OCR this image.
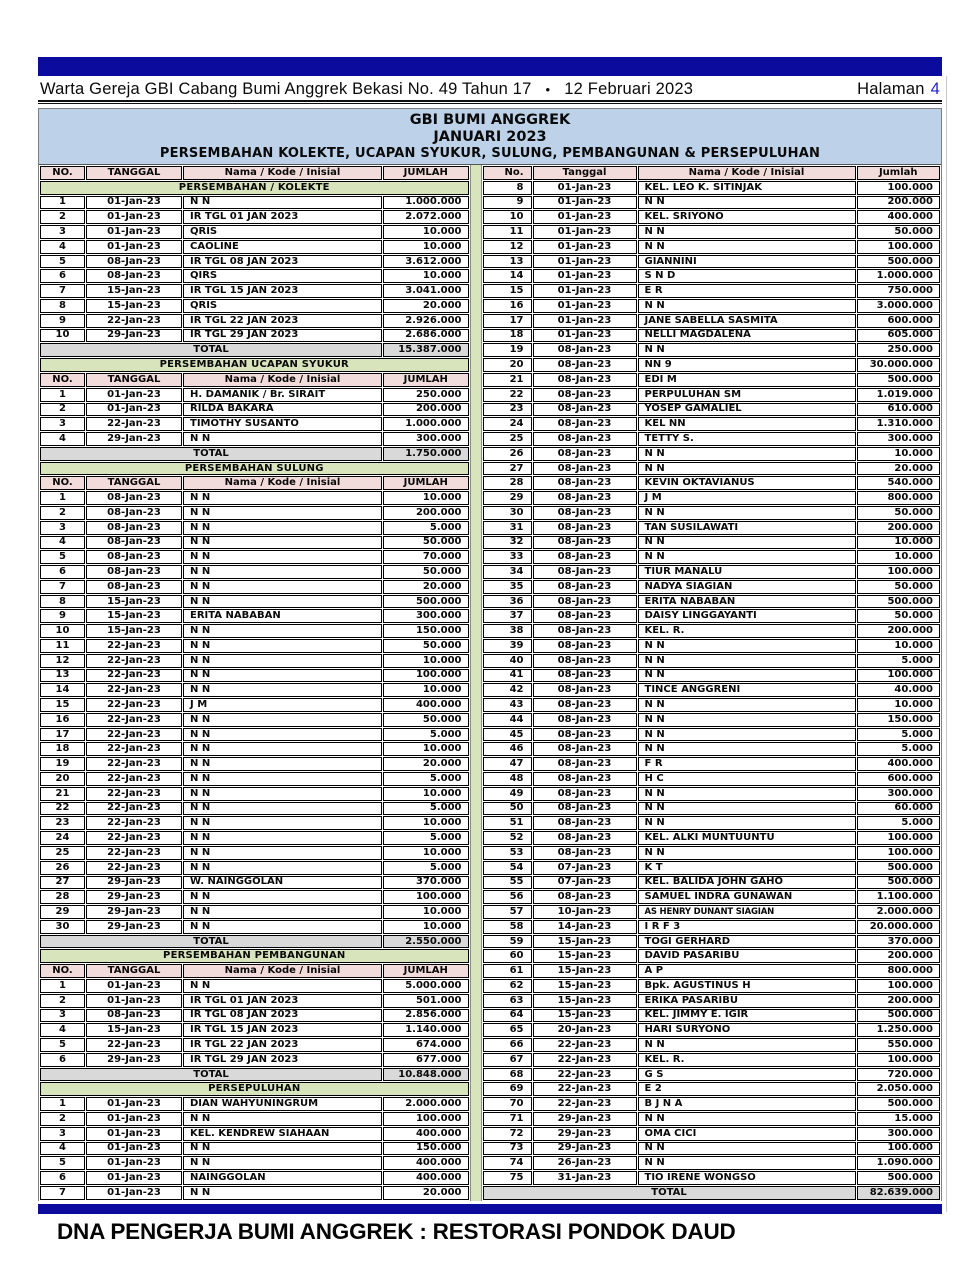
Warta Gereja GBI Cabang Bumi Anggrek Bekasi No. 49 Tahun 17 • 12 Februari 2023	Halaman 4
GBI BUMI ANGGREK
JANUARI 2023
PERSEMBAHAN KOLEKTE, UCAPAN SYUKUR, SULUNG, PEMBANGUNAN & PERSEPULUHAN
NO.	TANGGAL	Nama / Kode / Inisial	JUMLAH
PERSEMBAHAN / KOLEKTE			
1	01-Jan-23	N N	1.000.000
2	01-Jan-23	IR TGL 01 JAN 2023	2.072.000
3	01-Jan-23	QRIS	10.000
4	01-Jan-23	CAOLINE	10.000
5	08-Jan-23	IR TGL 08 JAN 2023	3.612.000
6	08-Jan-23	QIRS	10.000
7	15-Jan-23	IR TGL 15 JAN 2023	3.041.000
8	15-Jan-23	QRIS	20.000
9	22-Jan-23	IR TGL 22 JAN 2023	2.926.000
10	29-Jan-23	IR TGL 29 JAN 2023	2.686.000
TOTAL			15.387.000
PERSEMBAHAN UCAPAN SYUKUR			
NO.	TANGGAL	Nama / Kode / Inisial	JUMLAH
1	01-Jan-23	H. DAMANIK / Br. SIRAIT	250.000
2	01-Jan-23	RILDA BAKARA	200.000
3	22-Jan-23	TIMOTHY SUSANTO	1.000.000
4	29-Jan-23	N N	300.000
TOTAL			1.750.000
PERSEMBAHAN SULUNG			
NO.	TANGGAL	Nama / Kode / Inisial	JUMLAH
1	08-Jan-23	N N	10.000
2	08-Jan-23	N N	200.000
3	08-Jan-23	N N	5.000
4	08-Jan-23	N N	50.000
5	08-Jan-23	N N	70.000
6	08-Jan-23	N N	50.000
7	08-Jan-23	N N	20.000
8	15-Jan-23	N N	500.000
9	15-Jan-23	ERITA NABABAN	300.000
10	15-Jan-23	N N	150.000
11	22-Jan-23	N N	50.000
12	22-Jan-23	N N	10.000
13	22-Jan-23	N N	100.000
14	22-Jan-23	N N	10.000
15	22-Jan-23	J M	400.000
16	22-Jan-23	N N	50.000
17	22-Jan-23	N N	5.000
18	22-Jan-23	N N	10.000
19	22-Jan-23	N N	20.000
20	22-Jan-23	N N	5.000
21	22-Jan-23	N N	10.000
22	22-Jan-23	N N	5.000
23	22-Jan-23	N N	10.000
24	22-Jan-23	N N	5.000
25	22-Jan-23	N N	10.000
26	22-Jan-23	N N	5.000
27	29-Jan-23	W. NAINGGOLAN	370.000
28	29-Jan-23	N N	100.000
29	29-Jan-23	N N	10.000
30	29-Jan-23	N N	10.000
TOTAL			2.550.000
PERSEMBAHAN PEMBANGUNAN			
NO.	TANGGAL	Nama / Kode / Inisial	JUMLAH
1	01-Jan-23	N N	5.000.000
2	01-Jan-23	IR TGL 01 JAN 2023	501.000
3	08-Jan-23	IR TGL 08 JAN 2023	2.856.000
4	15-Jan-23	IR TGL 15 JAN 2023	1.140.000
5	22-Jan-23	IR TGL 22 JAN 2023	674.000
6	29-Jan-23	IR TGL 29 JAN 2023	677.000
TOTAL			10.848.000
PERSEPULUHAN			
1	01-Jan-23	DIAN WAHYUNINGRUM	2.000.000
2	01-Jan-23	N N	100.000
3	01-Jan-23	KEL. KENDREW SIAHAAN	400.000
4	01-Jan-23	N N	150.000
5	01-Jan-23	N N	400.000
6	01-Jan-23	NAINGGOLAN	400.000
7	01-Jan-23	N N	20.000
No.	Tanggal	Nama / Kode / Inisial	Jumlah
8	01-Jan-23	KEL. LEO K. SITINJAK	100.000
9	01-Jan-23	N N	200.000
10	01-Jan-23	KEL. SRIYONO	400.000
11	01-Jan-23	N N	50.000
12	01-Jan-23	N N	100.000
13	01-Jan-23	GIANNINI	500.000
14	01-Jan-23	S N D	1.000.000
15	01-Jan-23	E R	750.000
16	01-Jan-23	N N	3.000.000
17	01-Jan-23	JANE SABELLA SASMITA	600.000
18	01-Jan-23	NELLI MAGDALENA	605.000
19	08-Jan-23	N N	250.000
20	08-Jan-23	NN 9	30.000.000
21	08-Jan-23	EDI M	500.000
22	08-Jan-23	PERPULUHAN SM	1.019.000
23	08-Jan-23	YOSEP GAMALIEL	610.000
24	08-Jan-23	KEL NN	1.310.000
25	08-Jan-23	TETTY S.	300.000
26	08-Jan-23	N N	10.000
27	08-Jan-23	N N	20.000
28	08-Jan-23	KEVIN OKTAVIANUS	540.000
29	08-Jan-23	J M	800.000
30	08-Jan-23	N N	50.000
31	08-Jan-23	TAN SUSILAWATI	200.000
32	08-Jan-23	N N	10.000
33	08-Jan-23	N N	10.000
34	08-Jan-23	TIUR MANALU	100.000
35	08-Jan-23	NADYA SIAGIAN	50.000
36	08-Jan-23	ERITA NABABAN	500.000
37	08-Jan-23	DAISY LINGGAYANTI	50.000
38	08-Jan-23	KEL. R.	200.000
39	08-Jan-23	N N	10.000
40	08-Jan-23	N N	5.000
41	08-Jan-23	N N	100.000
42	08-Jan-23	TINCE ANGGRENI	40.000
43	08-Jan-23	N N	10.000
44	08-Jan-23	N N	150.000
45	08-Jan-23	N N	5.000
46	08-Jan-23	N N	5.000
47	08-Jan-23	F R	400.000
48	08-Jan-23	H C	600.000
49	08-Jan-23	N N	300.000
50	08-Jan-23	N N	60.000
51	08-Jan-23	N N	5.000
52	08-Jan-23	KEL. ALKI MUNTUUNTU	100.000
53	08-Jan-23	N N	100.000
54	07-Jan-23	K T	500.000
55	07-Jan-23	KEL. BALIDA JOHN GAHO	500.000
56	08-Jan-23	SAMUEL INDRA GUNAWAN	1.100.000
57	10-Jan-23	AS HENRY DUNANT SIAGIAN	2.000.000
58	14-Jan-23	I R F 3	20.000.000
59	15-Jan-23	TOGI GERHARD	370.000
60	15-Jan-23	DAVID PASARIBU	200.000
61	15-Jan-23	A P	800.000
62	15-Jan-23	Bpk. AGUSTINUS H	100.000
63	15-Jan-23	ERIKA PASARIBU	200.000
64	15-Jan-23	KEL. JIMMY E. IGIR	500.000
65	20-Jan-23	HARI SURYONO	1.250.000
66	22-Jan-23	N N	550.000
67	22-Jan-23	KEL. R.	100.000
68	22-Jan-23	G S	720.000
69	22-Jan-23	E 2	2.050.000
70	22-Jan-23	B J N A	500.000
71	29-Jan-23	N N	15.000
72	29-Jan-23	OMA CICI	300.000
73	29-Jan-23	N N	100.000
74	26-Jan-23	N N	1.090.000
75	31-Jan-23	TIO IRENE WONGSO	500.000
TOTAL			82.639.000
DNA PENGERJA BUMI ANGGREK : RESTORASI PONDOK DAUD
